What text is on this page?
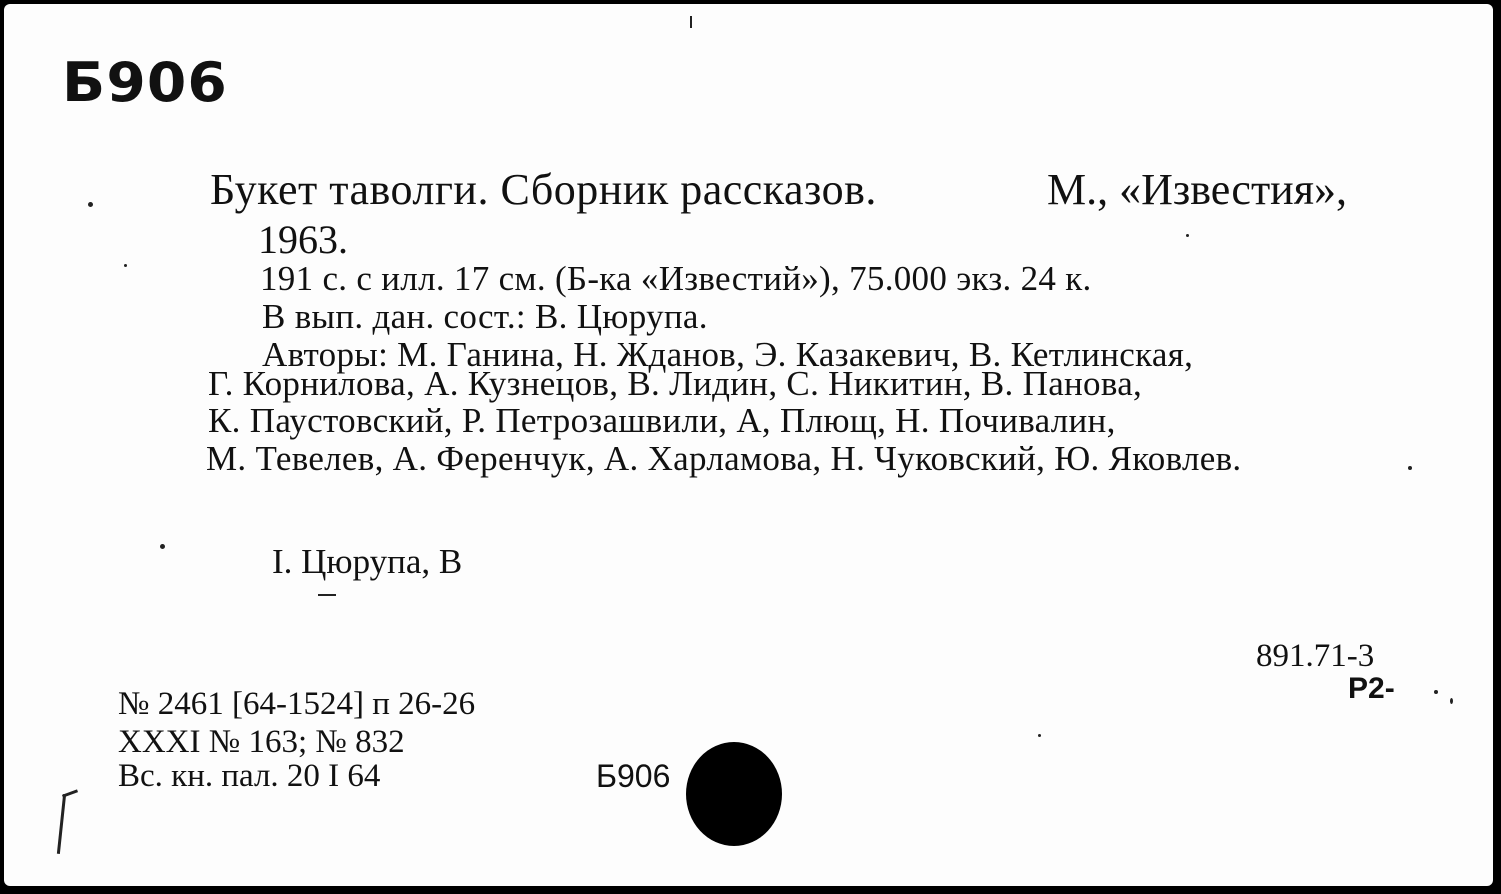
Б906
Букет таволги. Сборник рассказов.	М., «Известия»,
1963.
191 с. с илл. 17 см. (Б-ка «Известий»), 75.000 экз. 24 к.
В вып. дан. сост.: В. Цюрупа.
Авторы: М. Ганина, Н. Жданов, Э. Казакевич, В. Кетлинская,
Г. Корнилова, А. Кузнецов, В. Лидин, С. Никитин, В. Панова,
К. Паустовский, Р. Петрозашвили, А, Плющ, Н. Почивалин,
М. Тевелев, А. Ференчук, А. Харламова, Н. Чуковский, Ю. Яковлев.
I. Цюрупа, В
891.71-3
Р2-
№ 2461 [64-1524] п 26-26
XXXI № 163; № 832
Вс. кн. пал. 20 I 64	Б906
